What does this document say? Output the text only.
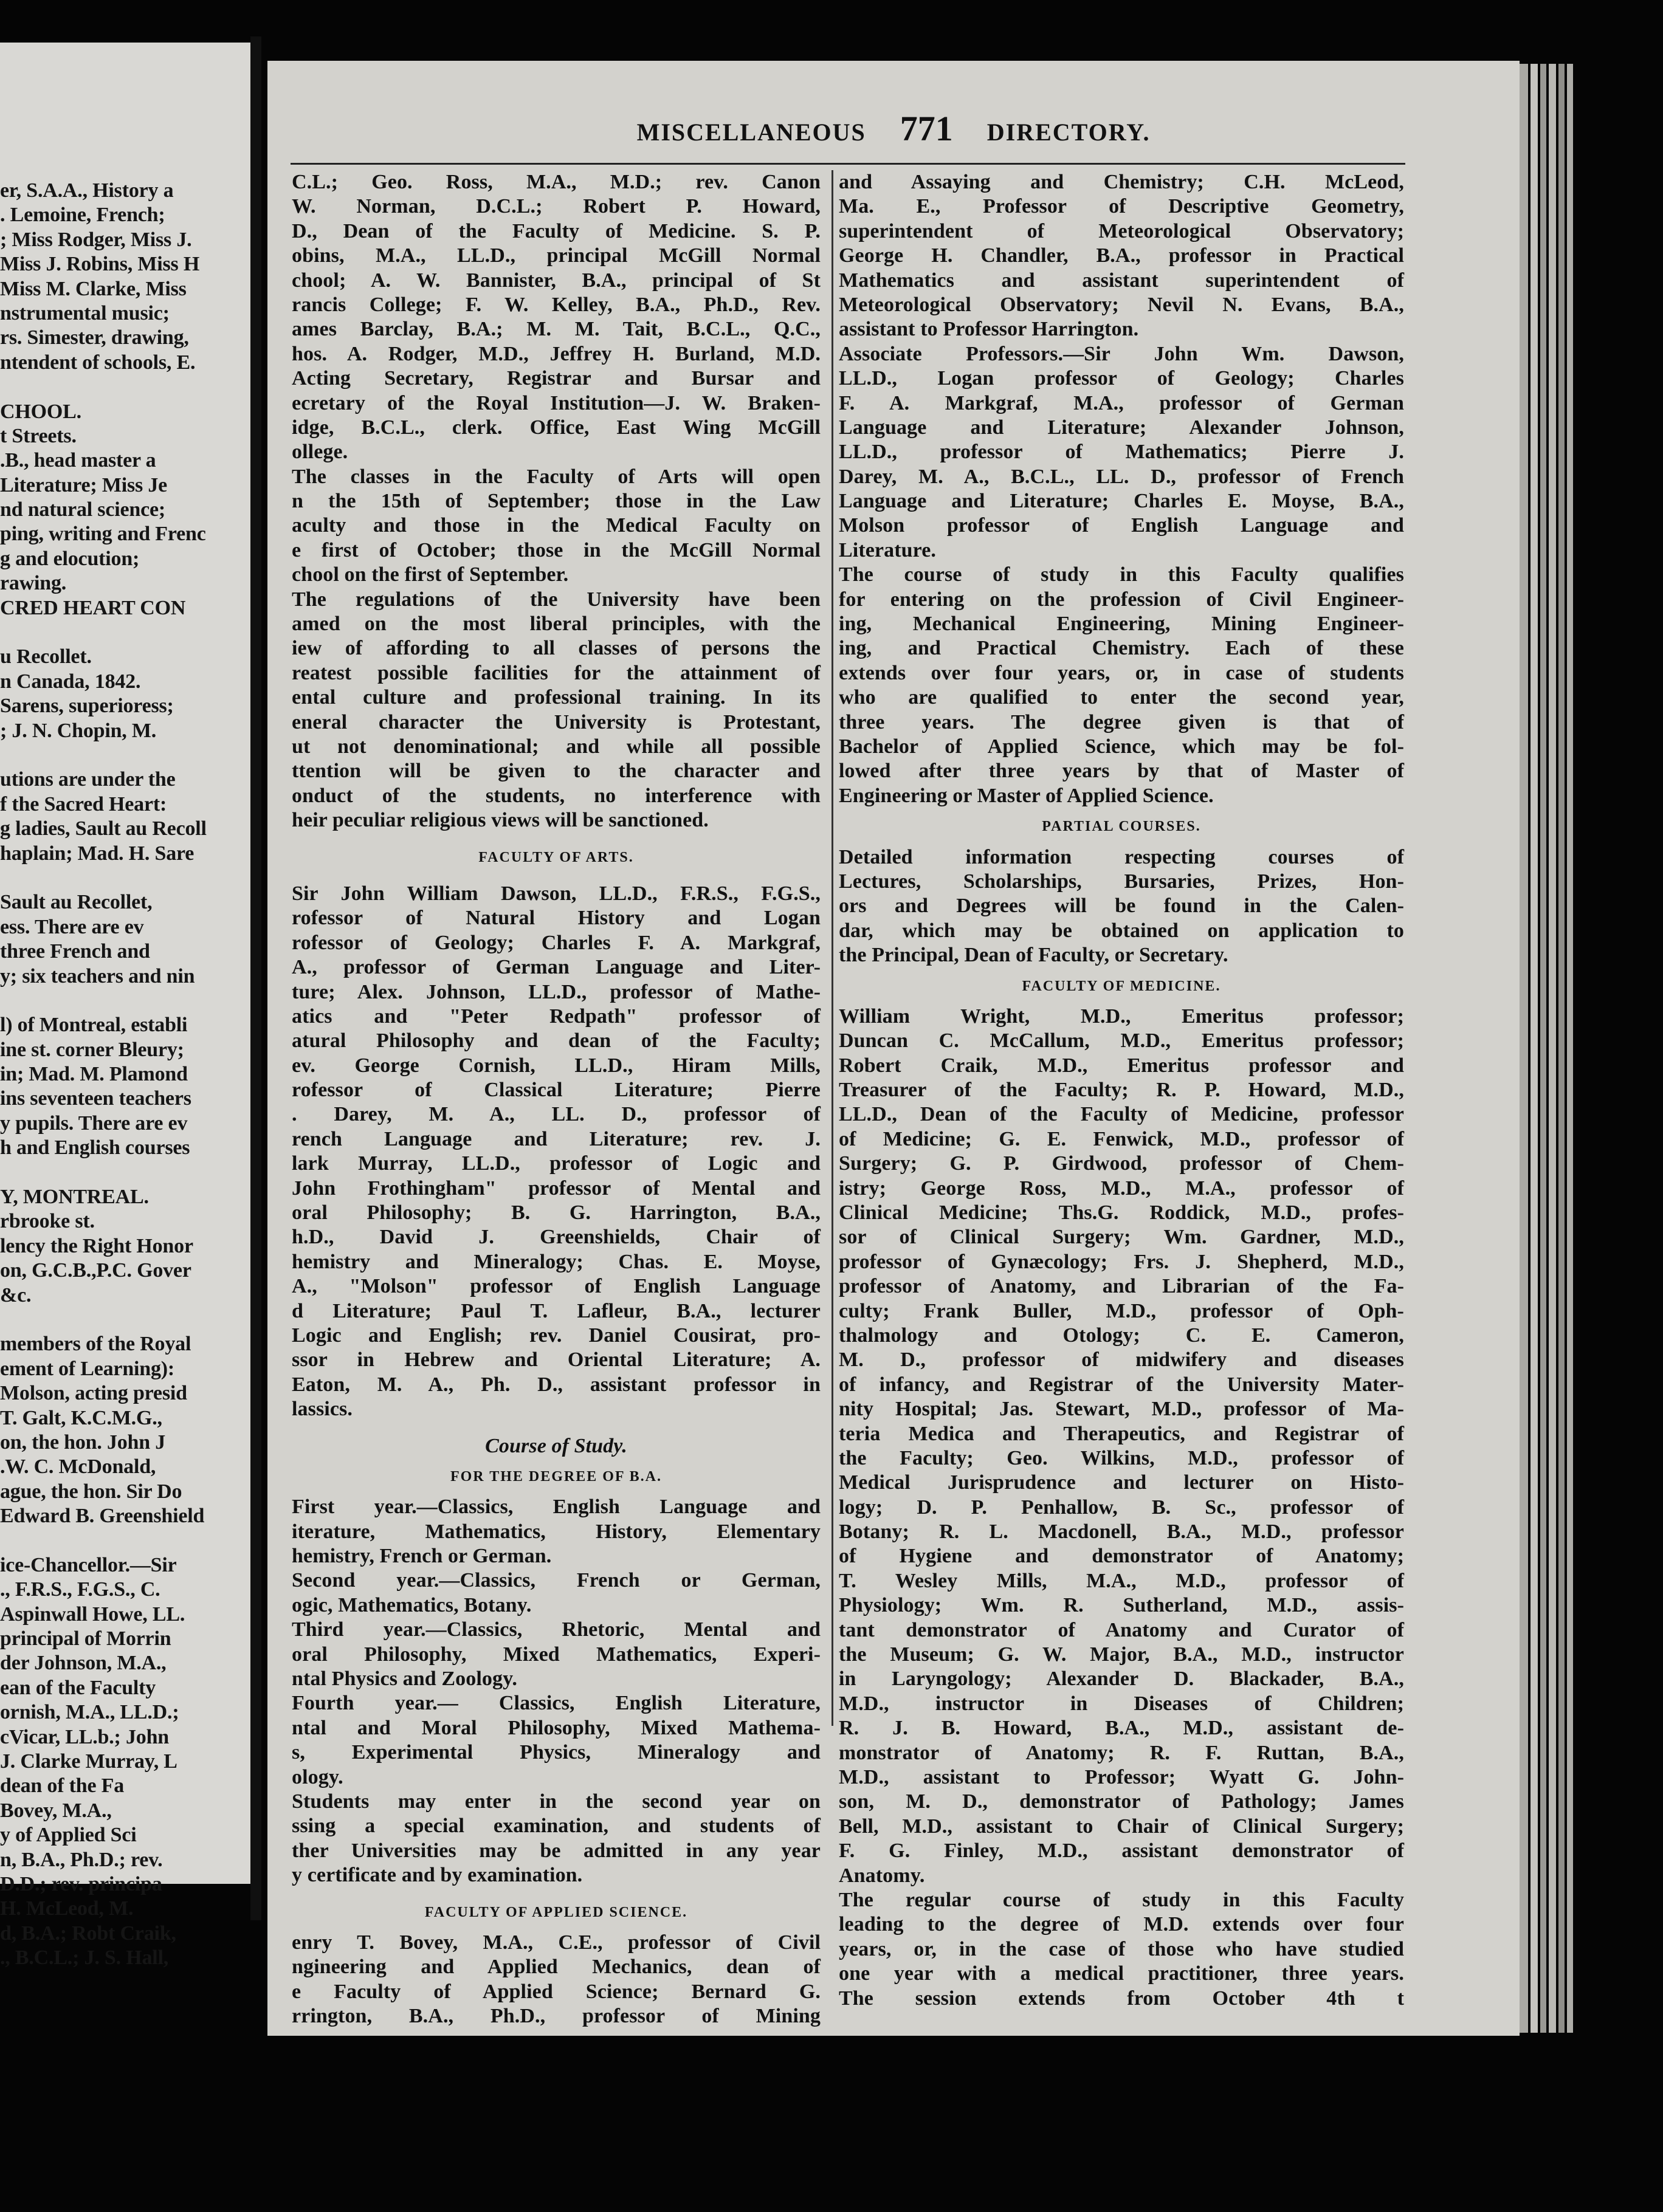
er, S.A.A., History a
. Lemoine, French;
; Miss Rodger, Miss J.
Miss J. Robins, Miss H
Miss M. Clarke, Miss
nstrumental music;
rs. Simester, drawing,
ntendent of schools, E.
CHOOL.
t Streets.
.B., head master a
Literature; Miss Je
nd natural science;
ping, writing and Frenc
g and elocution;
rawing.
CRED HEART CON
u Recollet.
n Canada, 1842.
Sarens, superioress;
; J. N. Chopin, M.
utions are under the
f the Sacred Heart:
g ladies, Sault au Recoll
haplain; Mad. H. Sare
Sault au Recollet,
ess. There are ev
three French and
y; six teachers and nin
l) of Montreal, establi
ine st. corner Bleury;
in; Mad. M. Plamond
ins seventeen teachers
y pupils. There are ev
h and English courses
Y, MONTREAL.
rbrooke st.
lency the Right Honor
on, G.C.B.,P.C. Gover
&c.
members of the Royal
ement of Learning):
Molson, acting presid
T. Galt, K.C.M.G.,
on, the hon. John J
.W. C. McDonald,
ague, the hon. Sir Do
Edward B. Greenshield
ice-Chancellor.—Sir
., F.R.S., F.G.S., C.
Aspinwall Howe, LL.
principal of Morrin
der Johnson, M.A.,
ean of the Faculty
ornish, M.A., LL.D.;
cVicar, LL.b.; John
J. Clarke Murray, L
dean of the Fa
Bovey, M.A.,
y of Applied Sci
n, B.A., Ph.D.; rev.
D.D.; rev. principa
H. McLeod, M.
d, B.A.; Robt Craik,
., B.C.L.; J. S. Hall,
MISCELLANEOUS 771 DIRECTORY.
C.L.; Geo. Ross, M.A., M.D.; rev. Canon
W. Norman, D.C.L.; Robert P. Howard,
D., Dean of the Faculty of Medicine. S. P.
obins, M.A., LL.D., principal McGill Normal
chool; A. W. Bannister, B.A., principal of St
rancis College; F. W. Kelley, B.A., Ph.D., Rev.
ames Barclay, B.A.; M. M. Tait, B.C.L., Q.C.,
hos. A. Rodger, M.D., Jeffrey H. Burland, M.D.
Acting Secretary, Registrar and Bursar and
ecretary of the Royal Institution—J. W. Braken-
idge, B.C.L., clerk. Office, East Wing McGill
ollege.
The classes in the Faculty of Arts will open
n the 15th of September; those in the Law
aculty and those in the Medical Faculty on
e first of October; those in the McGill Normal
chool on the first of September.
The regulations of the University have been
amed on the most liberal principles, with the
iew of affording to all classes of persons the
reatest possible facilities for the attainment of
ental culture and professional training. In its
eneral character the University is Protestant,
ut not denominational; and while all possible
ttention will be given to the character and
onduct of the students, no interference with
heir peculiar religious views will be sanctioned.
FACULTY OF ARTS.
Sir John William Dawson, LL.D., F.R.S., F.G.S.,
rofessor of Natural History and Logan
rofessor of Geology; Charles F. A. Markgraf,
A., professor of German Language and Liter-
ture; Alex. Johnson, LL.D., professor of Mathe-
atics and "Peter Redpath" professor of
atural Philosophy and dean of the Faculty;
ev. George Cornish, LL.D., Hiram Mills,
rofessor of Classical Literature; Pierre
. Darey, M. A., LL. D., professor of
rench Language and Literature; rev. J.
lark Murray, LL.D., professor of Logic and
John Frothingham" professor of Mental and
oral Philosophy; B. G. Harrington, B.A.,
h.D., David J. Greenshields, Chair of
hemistry and Mineralogy; Chas. E. Moyse,
A., "Molson" professor of English Language
d Literature; Paul T. Lafleur, B.A., lecturer
Logic and English; rev. Daniel Cousirat, pro-
ssor in Hebrew and Oriental Literature; A.
Eaton, M. A., Ph. D., assistant professor in
lassics.
Course of Study.
FOR THE DEGREE OF B.A.
First year.—Classics, English Language and
iterature, Mathematics, History, Elementary
hemistry, French or German.
Second year.—Classics, French or German,
ogic, Mathematics, Botany.
Third year.—Classics, Rhetoric, Mental and
oral Philosophy, Mixed Mathematics, Experi-
ntal Physics and Zoology.
Fourth year.— Classics, English Literature,
ntal and Moral Philosophy, Mixed Mathema-
s, Experimental Physics, Mineralogy and
ology.
Students may enter in the second year on
ssing a special examination, and students of
ther Universities may be admitted in any year
y certificate and by examination.
FACULTY OF APPLIED SCIENCE.
enry T. Bovey, M.A., C.E., professor of Civil
ngineering and Applied Mechanics, dean of
e Faculty of Applied Science; Bernard G.
rrington, B.A., Ph.D., professor of Mining
and Assaying and Chemistry; C.H. McLeod,
Ma. E., Professor of Descriptive Geometry,
superintendent of Meteorological Observatory;
George H. Chandler, B.A., professor in Practical
Mathematics and assistant superintendent of
Meteorological Observatory; Nevil N. Evans, B.A.,
assistant to Professor Harrington.
Associate Professors.—Sir John Wm. Dawson,
LL.D., Logan professor of Geology; Charles
F. A. Markgraf, M.A., professor of German
Language and Literature; Alexander Johnson,
LL.D., professor of Mathematics; Pierre J.
Darey, M. A., B.C.L., LL. D., professor of French
Language and Literature; Charles E. Moyse, B.A.,
Molson professor of English Language and
Literature.
The course of study in this Faculty qualifies
for entering on the profession of Civil Engineer-
ing, Mechanical Engineering, Mining Engineer-
ing, and Practical Chemistry. Each of these
extends over four years, or, in case of students
who are qualified to enter the second year,
three years. The degree given is that of
Bachelor of Applied Science, which may be fol-
lowed after three years by that of Master of
Engineering or Master of Applied Science.
PARTIAL COURSES.
Detailed information respecting courses of
Lectures, Scholarships, Bursaries, Prizes, Hon-
ors and Degrees will be found in the Calen-
dar, which may be obtained on application to
the Principal, Dean of Faculty, or Secretary.
FACULTY OF MEDICINE.
William Wright, M.D., Emeritus professor;
Duncan C. McCallum, M.D., Emeritus professor;
Robert Craik, M.D., Emeritus professor and
Treasurer of the Faculty; R. P. Howard, M.D.,
LL.D., Dean of the Faculty of Medicine, professor
of Medicine; G. E. Fenwick, M.D., professor of
Surgery; G. P. Girdwood, professor of Chem-
istry; George Ross, M.D., M.A., professor of
Clinical Medicine; Ths.G. Roddick, M.D., profes-
sor of Clinical Surgery; Wm. Gardner, M.D.,
professor of Gynæcology; Frs. J. Shepherd, M.D.,
professor of Anatomy, and Librarian of the Fa-
culty; Frank Buller, M.D., professor of Oph-
thalmology and Otology; C. E. Cameron,
M. D., professor of midwifery and diseases
of infancy, and Registrar of the University Mater-
nity Hospital; Jas. Stewart, M.D., professor of Ma-
teria Medica and Therapeutics, and Registrar of
the Faculty; Geo. Wilkins, M.D., professor of
Medical Jurisprudence and lecturer on Histo-
logy; D. P. Penhallow, B. Sc., professor of
Botany; R. L. Macdonell, B.A., M.D., professor
of Hygiene and demonstrator of Anatomy;
T. Wesley Mills, M.A., M.D., professor of
Physiology; Wm. R. Sutherland, M.D., assis-
tant demonstrator of Anatomy and Curator of
the Museum; G. W. Major, B.A., M.D., instructor
in Laryngology; Alexander D. Blackader, B.A.,
M.D., instructor in Diseases of Children;
R. J. B. Howard, B.A., M.D., assistant de-
monstrator of Anatomy; R. F. Ruttan, B.A.,
M.D., assistant to Professor; Wyatt G. John-
son, M. D., demonstrator of Pathology; James
Bell, M.D., assistant to Chair of Clinical Surgery;
F. G. Finley, M.D., assistant demonstrator of
Anatomy.
The regular course of study in this Faculty
leading to the degree of M.D. extends over four
years, or, in the case of those who have studied
one year with a medical practitioner, three years.
The session extends from October 4th t
